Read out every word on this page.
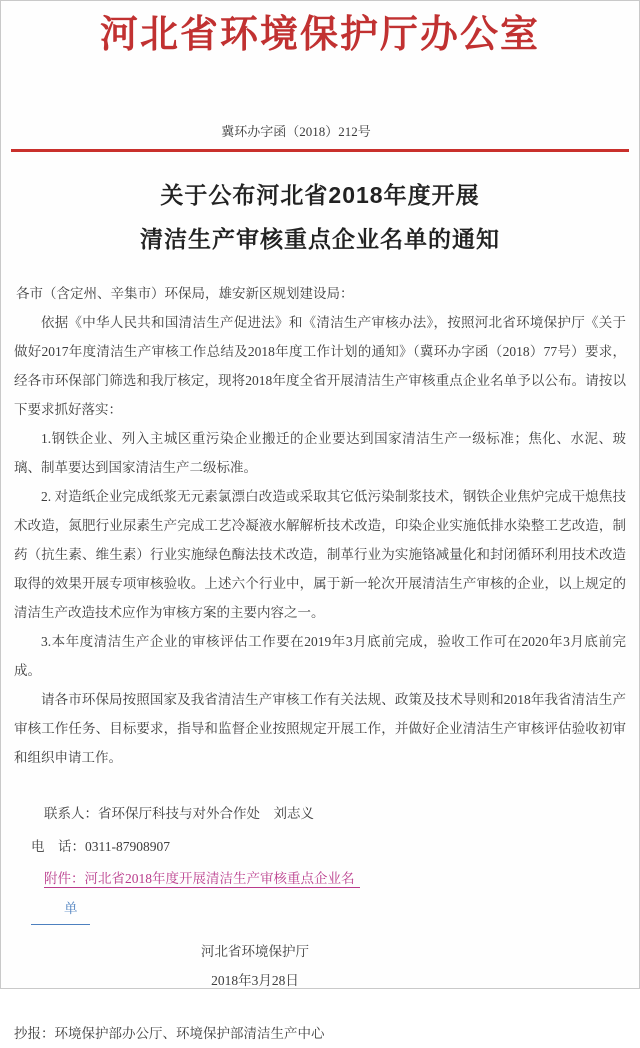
河北省环境保护厅办公室
冀环办字函（2018）212号
关于公布河北省2018年度开展
清洁生产审核重点企业名单的通知
各市（含定州、辛集市）环保局，雄安新区规划建设局：

依据《中华人民共和国清洁生产促进法》和《清洁生产审核办法》，按照河北省环境保护厅《关于做好2017年度清洁生产审核工作总结及2018年度工作计划的通知》（冀环办字函（2018）77号）要求，经各市环保部门筛选和我厅核定，现将2018年度全省开展清洁生产审核重点企业名单予以公布。请按以下要求抓好落实：

1.钢铁企业、列入主城区重污染企业搬迁的企业要达到国家清洁生产一级标准；焦化、水泥、玻璃、制革要达到国家清洁生产二级标准。

2. 对造纸企业完成纸浆无元素氯漂白改造或采取其它低污染制浆技术，钢铁企业焦炉完成干熄焦技术改造，氮肥行业尿素生产完成工艺冷凝液水解解析技术改造，印染企业实施低排水染整工艺改造，制药（抗生素、维生素）行业实施绿色酶法技术改造，制革行业为实施铬减量化和封闭循环利用技术改造取得的效果开展专项审核验收。上述六个行业中，属于新一轮次开展清洁生产审核的企业，以上规定的清洁生产改造技术应作为审核方案的主要内容之一。

3.本年度清洁生产企业的审核评估工作要在2019年3月底前完成，验收工作可在2020年3月底前完成。

请各市环保局按照国家及我省清洁生产审核工作有关法规、政策及技术导则和2018年我省清洁生产审核工作任务、目标要求，指导和监督企业按照规定开展工作，并做好企业清洁生产审核评估验收初审和组织申请工作。

联系人：省环保厅科技与对外合作处　刘志义
电　话：0311-87908907
附件：河北省2018年度开展清洁生产审核重点企业名
单
河北省环境保护厅
2018年3月28日
抄报：环境保护部办公厅、环境保护部清洁生产中心
